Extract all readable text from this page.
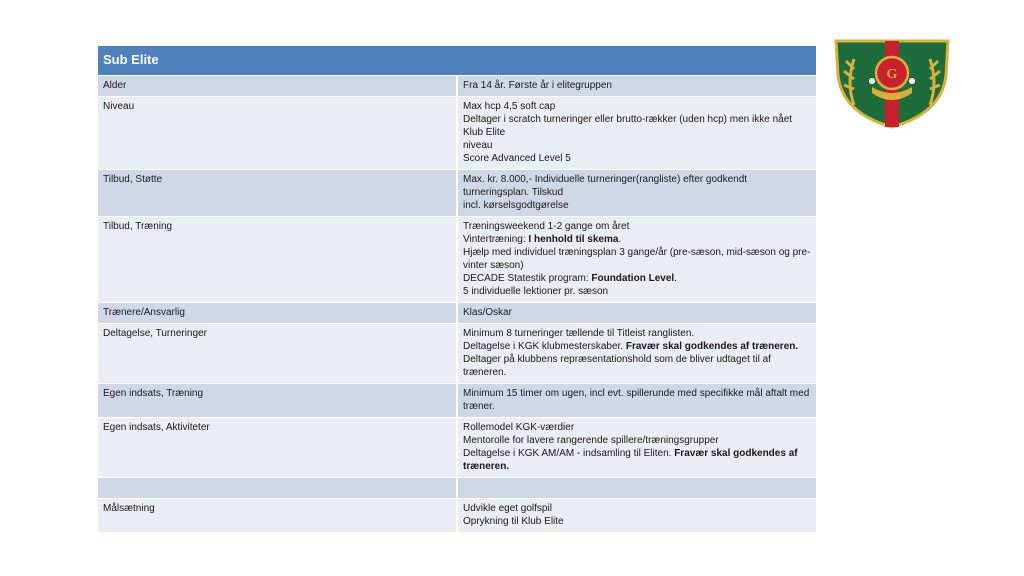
Sub Elite	
Alder	Fra 14 år. Første år i elitegruppen

Niveau	Max hcp 4,5 soft cap
Deltager i scratch turneringer eller brutto-rækker (uden hcp) men ikke nået Klub Elite
niveau
Score Advanced Level 5

Tilbud, Støtte	Max. kr. 8.000,- Individuelle turneringer(rangliste) efter godkendt turneringsplan. Tilskud
incl. kørselsgodtgørelse

Tilbud, Træning	Træningsweekend 1-2 gange om året
Vintertræning: I henhold til skema.
Hjælp med individuel træningsplan 3 gange/år (pre-sæson, mid-sæson og pre-vinter sæson)
DECADE Statestik program: Foundation Level.
5 individuelle lektioner pr. sæson

Trænere/Ansvarlig	Klas/Oskar

Deltagelse, Turneringer	Minimum 8 turneringer tællende til Titleist ranglisten.
Deltagelse i KGK klubmesterskaber. Fravær skal godkendes af træneren.
Deltager på klubbens repræsentationshold som de bliver udtaget til af træneren.

Egen indsats, Træning	Minimum 15 timer om ugen, incl evt. spillerunde med specifikke mål aftalt med træner.

Egen indsats, Aktiviteter	Rollemodel KGK-værdier
Mentorolle for lavere rangerende spillere/træningsgrupper
Deltagelse i KGK AM/AM - indsamling til Eliten. Fravær skal godkendes af træneren.

Målsætning	Udvikle eget golfspil
Oprykning til Klub Elite
G
